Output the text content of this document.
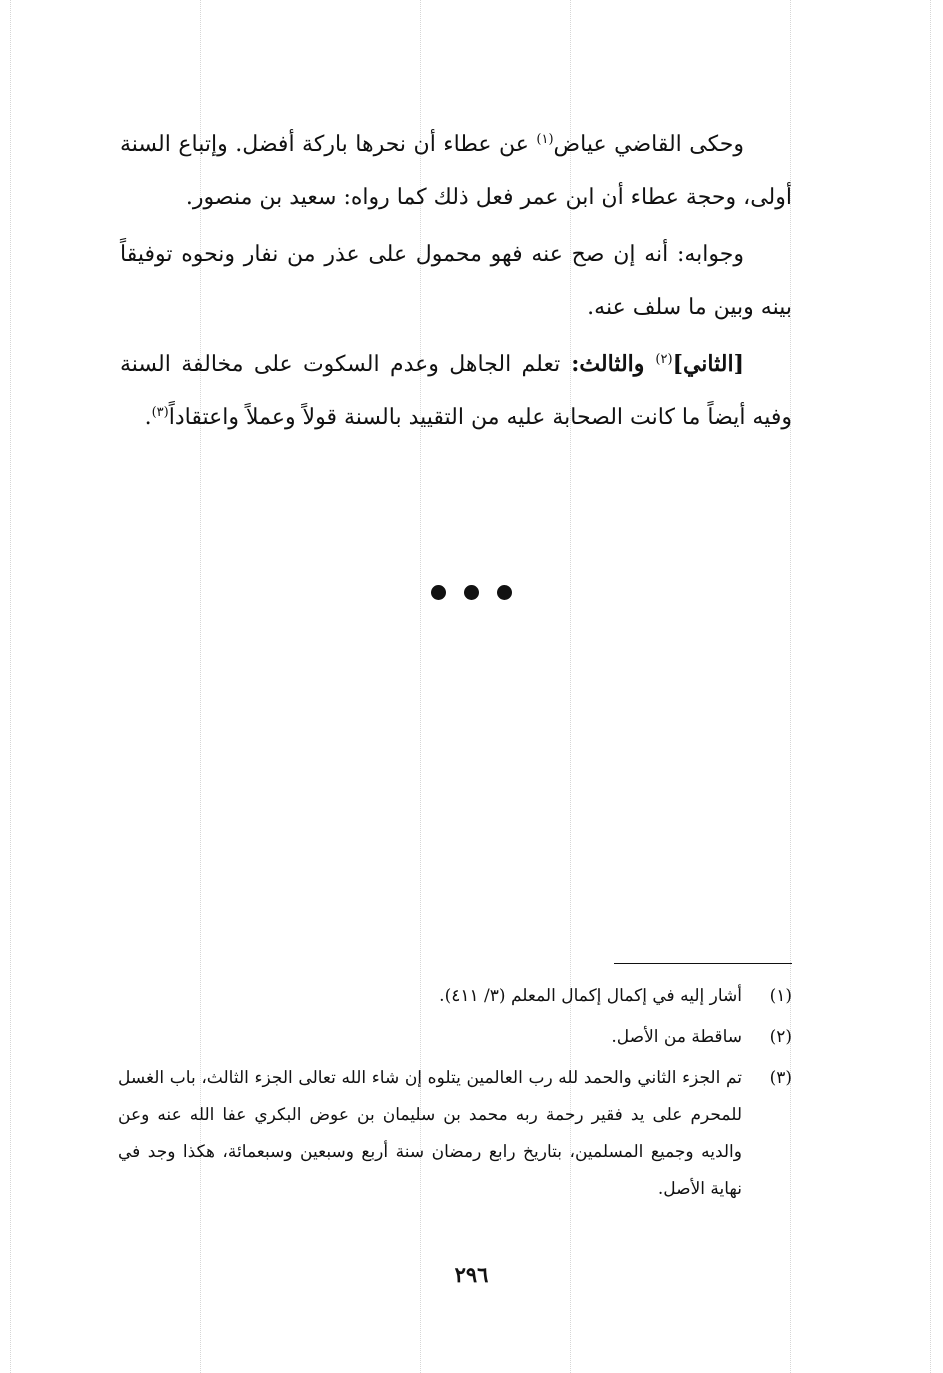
وحكى القاضي عياض$^{(١)}$ عن عطاء أن نحرها باركة أفضل. وإتباع السنة أولى، وحجة عطاء أن ابن عمر فعل ذلك كما رواه: سعيد بن منصور.

وجوابه: أنه إن صح عنه فهو محمول على عذر من نفار ونحوه توفيقاً بينه وبين ما سلف عنه.

[الثاني]$^{(٢)}$ والثالث: تعلم الجاهل وعدم السكوت على مخالفة السنة وفيه أيضاً ما كانت الصحابة عليه من التقييد بالسنة قولاً وعملاً واعتقاداً$^{(٣)}$.

(١)
أشار إليه في إكمال إكمال المعلم (٣/ ٤١١).
(٢)
ساقطة من الأصل.
(٣)
تم الجزء الثاني والحمد لله رب العالمين يتلوه إن شاء الله تعالى الجزء الثالث، باب الغسل للمحرم على يد فقير رحمة ربه محمد بن سليمان بن عوض البكري عفا الله عنه وعن والديه وجميع المسلمين، بتاريخ رابع رمضان سنة أربع وسبعين وسبعمائة، هكذا وجد في نهاية الأصل.
٢٩٦
